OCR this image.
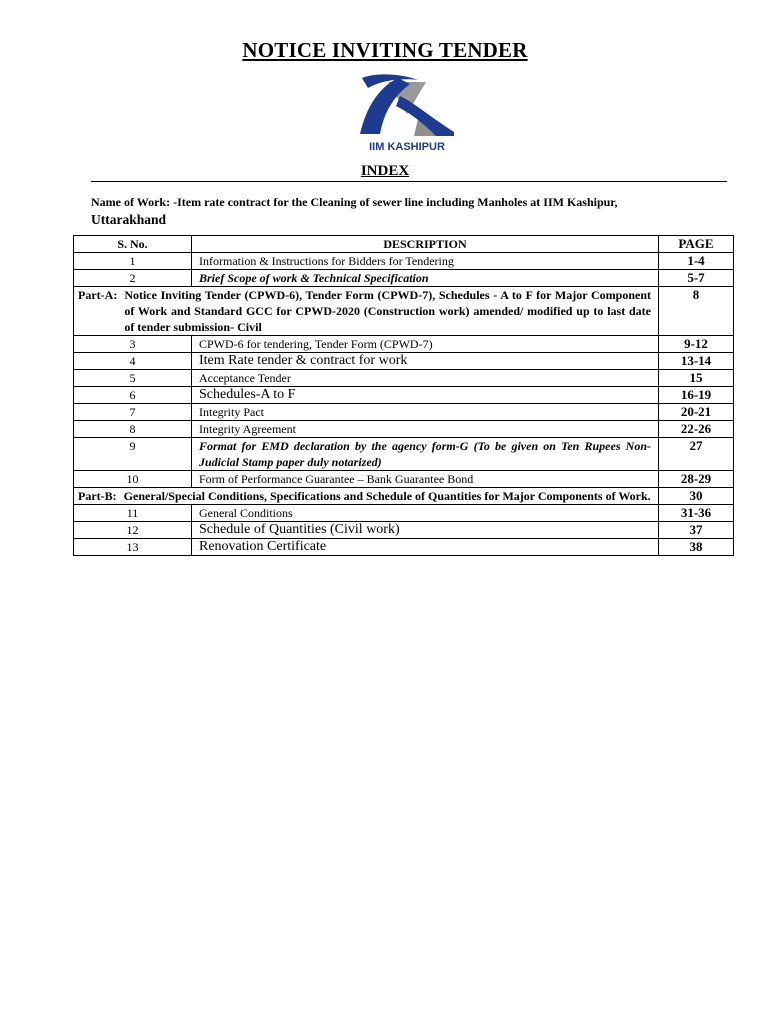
NOTICE INVITING TENDER
IIM KASHIPUR
INDEX
Name of Work: -Item rate contract for the Cleaning of sewer line including Manholes at IIM Kashipur,
Uttarakhand
S. No.	DESCRIPTION	PAGE
1	Information & Instructions for Bidders for Tendering	1-4
2	Brief Scope of work & Technical Specification	5-7

Part-A: Notice Inviting Tender (CPWD-6), Tender Form (CPWD-7), Schedules - A to F for Major Component of Work and Standard GCC for CPWD-2020 (Construction work) amended/ modified up to last date of tender submission- Civil		8
3	CPWD-6 for tendering, Tender Form (CPWD-7)	9-12
4	Item Rate tender & contract for work	13-14
5	Acceptance Tender	15
6	Schedules-A to F	16-19
7	Integrity Pact	20-21
8	Integrity Agreement	22-26
9	Format for EMD declaration by the agency form-G (To be given on Ten Rupees Non-Judicial Stamp paper duly notarized)	27
10	Form of Performance Guarantee – Bank Guarantee Bond	28-29

Part-B: General/Special Conditions, Specifications and Schedule of Quantities for Major Components of Work.		30
11	General Conditions	31-36
12	Schedule of Quantities (Civil work)	37
13	Renovation Certificate	38
